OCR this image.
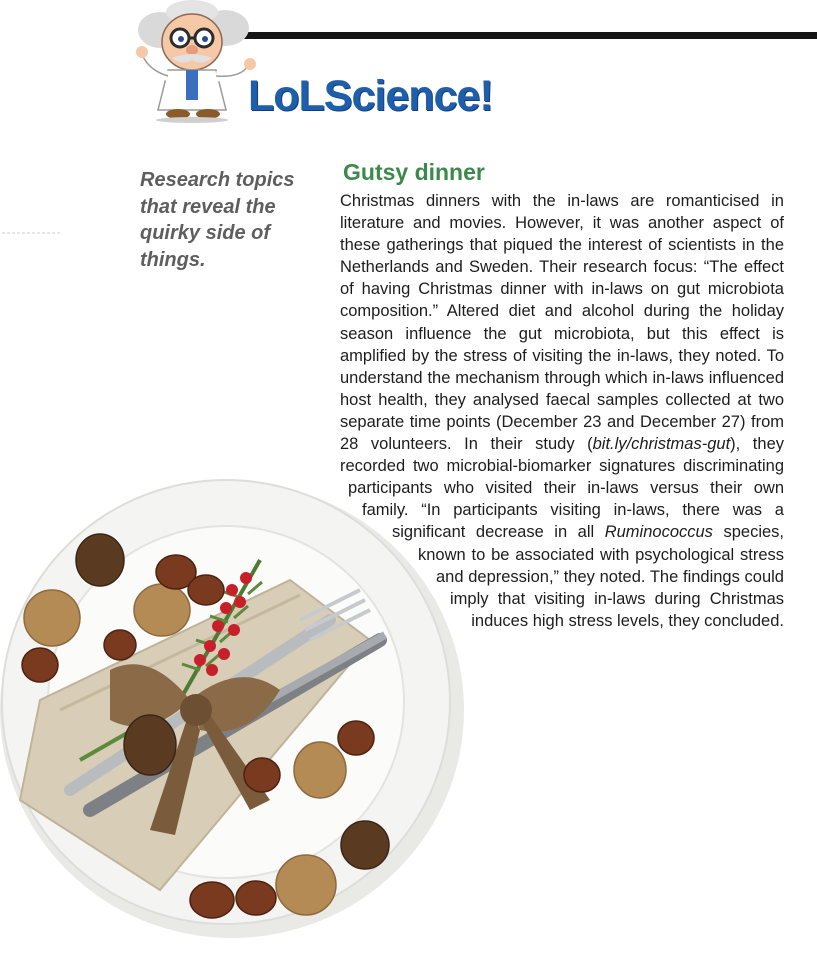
LoLScience!
Research topics that reveal the quirky side of things.
Gutsy dinner

Christmas dinners with the in-laws are romanticised in literature and movies. However, it was another aspect of these gatherings that piqued the interest of scientists in the Netherlands and Sweden. Their research focus: “The effect of having Christmas dinner with in-laws on gut microbiota composition.” Altered diet and alcohol during the holiday season influence the gut microbiota, but this effect is amplified by the stress of visiting the in-laws, they noted. To understand the mechanism through which in-laws influenced host health, they analysed faecal samples collected at two separate time points (December 23 and December 27) from 28 volunteers. In their study (bit.ly/christmas-gut), they recorded two microbial-biomarker signatures discriminating participants who visited their in-laws versus their own family. “In participants visiting in-laws, there was a significant decrease in all Ruminococcus species, known to be associated with psychological stress and depression,” they noted. The findings could imply that visiting in-laws during Christmas induces high stress levels, they concluded.
